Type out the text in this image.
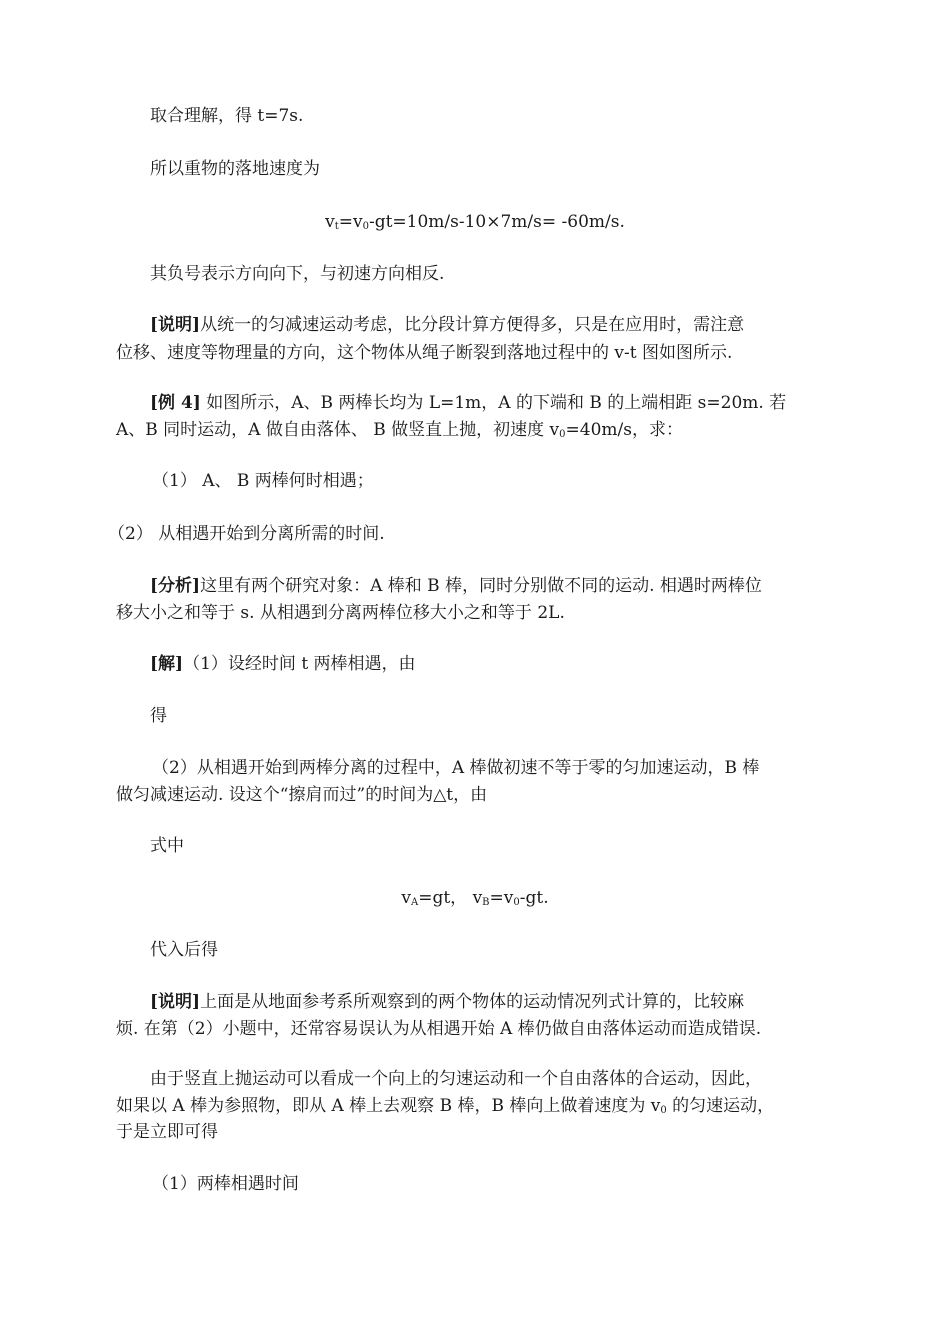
取合理解，得 t=7s.
所以重物的落地速度为
$v_t=v_0-gt=10m/s-10\times 7m/s= -60m/s$.
其负号表示方向向下，与初速方向相反.
[说明]从统一的匀减速运动考虑，比分段计算方便得多，只是在应用时，需注意
位移、速度等物理量的方向，这个物体从绳子断裂到落地过程中的 v-t 图如图所示.
[例 4] 如图所示，A、B 两棒长均为 L=1m，A 的下端和 B 的上端相距 s=20m. 若
A、B 同时运动，A 做自由落体、 B 做竖直上抛，初速度 $v_0=40m/s$，求：
（1） A、 B 两棒何时相遇；
（2） 从相遇开始到分离所需的时间.
[分析]这里有两个研究对象：A 棒和 B 棒，同时分别做不同的运动. 相遇时两棒位
移大小之和等于 s. 从相遇到分离两棒位移大小之和等于 2L.
[解]（1）设经时间 t 两棒相遇，由
得
（2）从相遇开始到两棒分离的过程中，A 棒做初速不等于零的匀加速运动，B 棒
做匀减速运动. 设这个“擦肩而过”的时间为△t，由
式中
$v_A=gt$， $v_B=v_0-gt$.
代入后得
[说明]上面是从地面参考系所观察到的两个物体的运动情况列式计算的，比较麻
烦. 在第（2）小题中，还常容易误认为从相遇开始 A 棒仍做自由落体运动而造成错误.
由于竖直上抛运动可以看成一个向上的匀速运动和一个自由落体的合运动，因此，
如果以 A 棒为参照物，即从 A 棒上去观察 B 棒，B 棒向上做着速度为 $v_0$ 的匀速运动，
于是立即可得
（1）两棒相遇时间
